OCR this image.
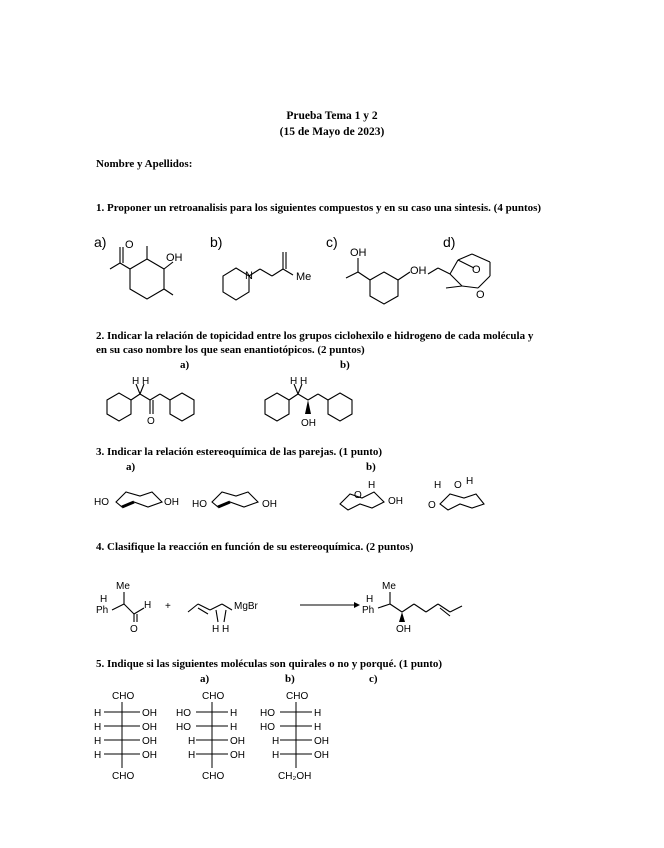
Prueba Tema 1 y 2
(15 de Mayo de 2023)
Nombre y Apellidos:
1. Proponer un retroanalisis para los siguientes compuestos y en su caso una sintesis. (4 puntos)
a) O
OH
b)
N	Me
c)
OH
OH
d)
O
O
2. Indicar la relación de topicidad entre los grupos ciclohexilo e hidrogeno de cada molécula y en su caso nombre los que sean enantiotópicos. (2 puntos)
a)	b)
H H
O
H H
OH
3. Indicar la relación estereoquímica de las parejas. (1 punto)
a)	b)
HO	OH HO	OH
H
O
OH
H O H
O
4. Clasifique la reacción en función de su estereoquímica. (2 puntos)
Me
H
Ph
O
H +	MgBr
H H
Me
H
Ph
OH
5. Indique si las siguientes moléculas son quirales o no y porqué. (1 punto)
a)	b)	c)
CHO
H	OH
H	OH
H	OH
H	OH
CHO
CHO
HO	H
HO	H
H	OH
H	OH
CHO
CHO
HO	H
HO	H
H	OH
H	OH
CH₂OH
